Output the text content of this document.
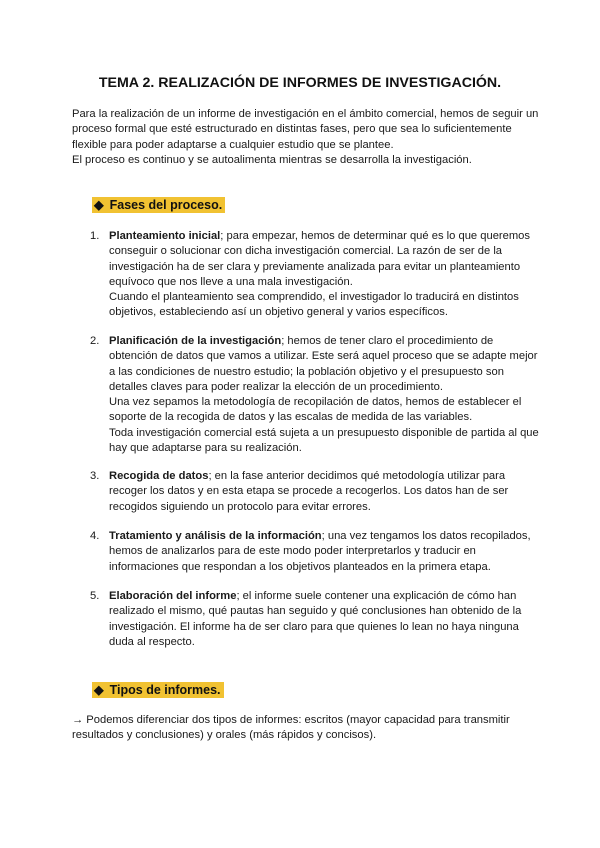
TEMA 2. REALIZACIÓN DE INFORMES DE INVESTIGACIÓN.

Para la realización de un informe de investigación en el ámbito comercial, hemos de seguir un proceso formal que esté estructurado en distintas fases, pero que sea lo suficientemente flexible para poder adaptarse a cualquier estudio que se plantee.

El proceso es continuo y se autoalimenta mientras se desarrolla la investigación.

◆ Fases del proceso.
1. Planteamiento inicial; para empezar, hemos de determinar qué es lo que queremos conseguir o solucionar con dicha investigación comercial. La razón de ser de la investigación ha de ser clara y previamente analizada para evitar un planteamiento equívoco que nos lleve a una mala investigación.

Cuando el planteamiento sea comprendido, el investigador lo traducirá en distintos objetivos, estableciendo así un objetivo general y varios específicos.

2. Planificación de la investigación; hemos de tener claro el procedimiento de obtención de datos que vamos a utilizar. Este será aquel proceso que se adapte mejor a las condiciones de nuestro estudio; la población objetivo y el presupuesto son detalles claves para poder realizar la elección de un procedimiento.

Una vez sepamos la metodología de recopilación de datos, hemos de establecer el soporte de la recogida de datos y las escalas de medida de las variables.

Toda investigación comercial está sujeta a un presupuesto disponible de partida al que hay que adaptarse para su realización.

3. Recogida de datos; en la fase anterior decidimos qué metodología utilizar para recoger los datos y en esta etapa se procede a recogerlos. Los datos han de ser recogidos siguiendo un protocolo para evitar errores.

4. Tratamiento y análisis de la información; una vez tengamos los datos recopilados, hemos de analizarlos para de este modo poder interpretarlos y traducir en informaciones que respondan a los objetivos planteados en la primera etapa.

5. Elaboración del informe; el informe suele contener una explicación de cómo han realizado el mismo, qué pautas han seguido y qué conclusiones han obtenido de la investigación. El informe ha de ser claro para que quienes lo lean no haya ninguna duda al respecto.

◆ Tipos de informes.

→ Podemos diferenciar dos tipos de informes: escritos (mayor capacidad para transmitir resultados y conclusiones) y orales (más rápidos y concisos).
